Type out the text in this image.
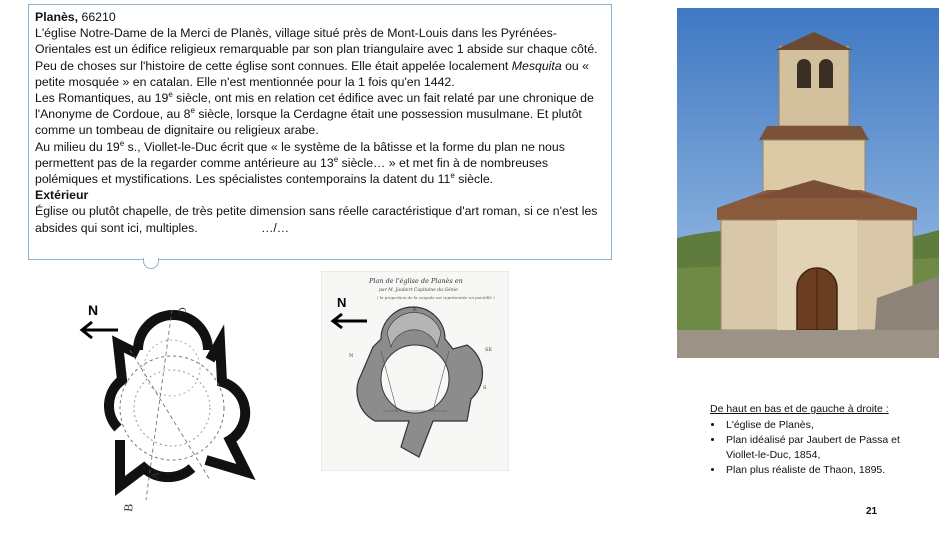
Planès, 66210

L'église Notre-Dame de la Merci de Planès, village situé près de Mont-Louis dans les Pyrénées-Orientales est un édifice religieux remarquable par son plan triangulaire avec 1 abside sur chaque côté.

Peu de choses sur l'histoire de cette église sont connues. Elle était appelée localement Mesquita ou « petite mosquée » en catalan. Elle n'est mentionnée pour la 1 fois qu'en 1442.

Les Romantiques, au 19e siècle, ont mis en relation cet édifice avec un fait relaté par une chronique de l'Anonyme de Cordoue, au 8e siècle, lorsque la Cerdagne était une possession musulmane. Et plutôt comme un tombeau de dignitaire ou religieux arabe.

Au milieu du 19e s., Viollet-le-Duc écrit que « le système de la bâtisse et la forme du plan ne nous permettent pas de la regarder comme antérieure au 13e siècle… » et met fin à de nombreuses polémiques et mystifications. Les spécialistes contemporains la datent du 11e siècle.

Extérieur

Église ou plutôt chapelle, de très petite dimension sans réelle caractéristique d'art roman, si ce n'est les absides qui sont ici, multiples.	…/…

N	C
A
B
Plan de l'église de Planès en
par M. Jaubert Capitaine du Génie
( la proportion de la coupole est représentée en pointillé )
N	E
N
SE
S
De haut en bas et de gauche à droite :
• L'église de Planès,
• Plan idéalisé par Jaubert de Passa et Viollet-le-Duc, 1854,
• Plan plus réaliste de Thaon, 1895.
21
